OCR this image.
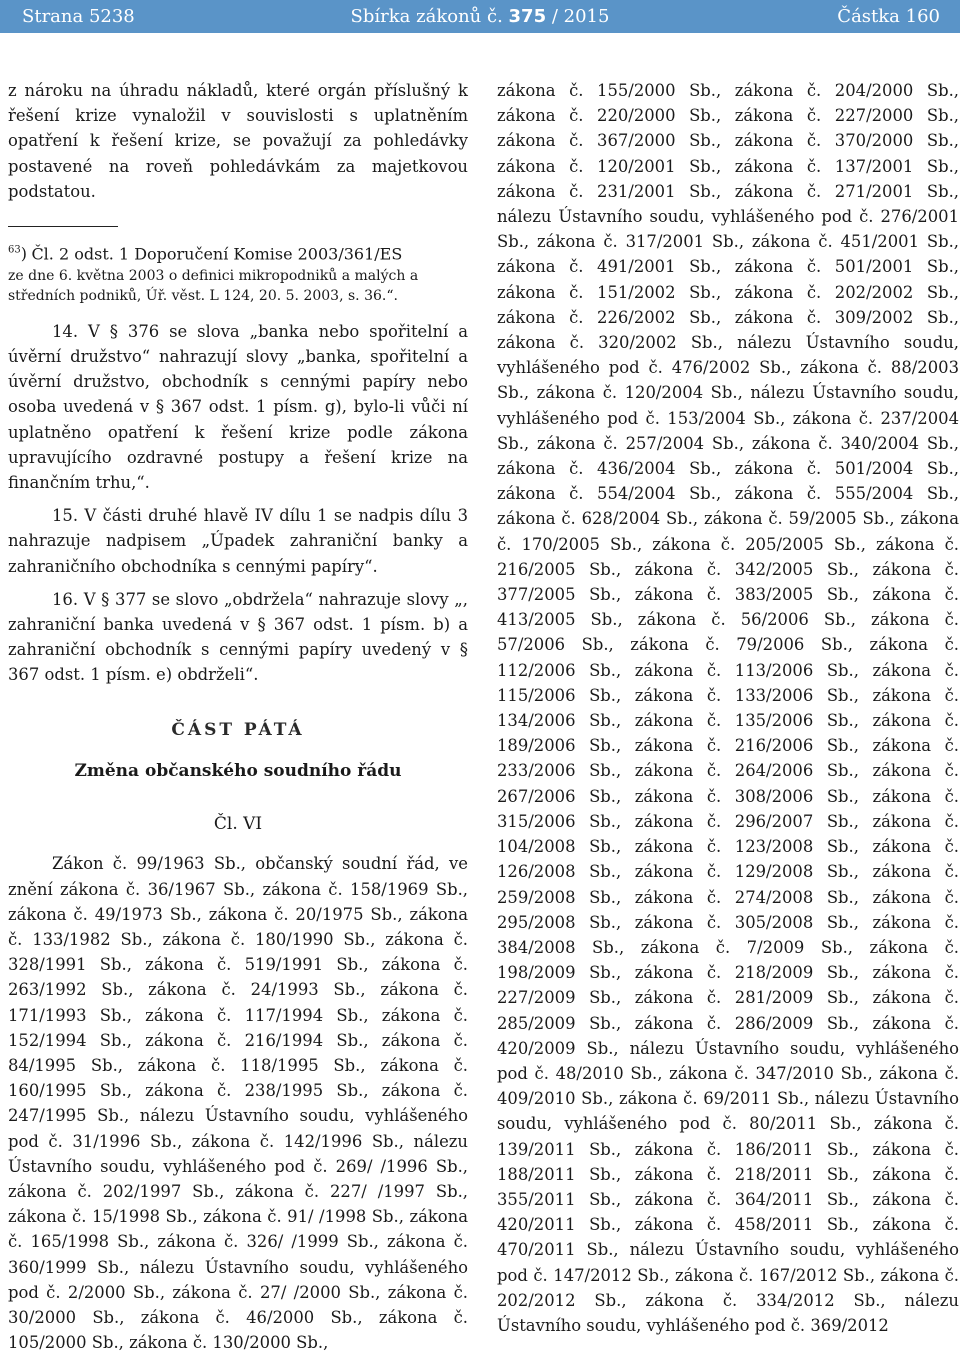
Strana 5238	Sbírka zákonů č. 375 / 2015	Částka 160

z nároku na úhradu nákladů, které orgán příslušný k řešení krize vynaložil v souvislosti s uplatněním opatření k řešení krize, se považují za pohledávky postavené na roveň pohledávkám za majetkovou podstatou.

$^{63}$) Čl. 2 odst. 1 Doporučení Komise 2003/361/ES
ze dne 6. května 2003 o definici mikropodniků a malých a středních podniků, Úř. věst. L 124, 20. 5. 2003, s. 36.“.

14. V § 376 se slova „banka nebo spořitelní a úvěrní družstvo“ nahrazují slovy „banka, spořitelní a úvěrní družstvo, obchodník s cennými papíry nebo osoba uvedená v § 367 odst. 1 písm. g), bylo-li vůči ní uplatněno opatření k řešení krize podle zákona upravujícího ozdravné postupy a řešení krize na finančním trhu,“.

15. V části druhé hlavě IV dílu 1 se nadpis dílu 3 nahrazuje nadpisem „Úpadek zahraniční banky a zahraničního obchodníka s cennými papíry“.

16. V § 377 se slovo „obdržela“ nahrazuje slovy „, zahraniční banka uvedená v § 367 odst. 1 písm. b) a zahraniční obchodník s cennými papíry uvedený v § 367 odst. 1 písm. e) obdrželi“.

ČÁST PÁTÁ

Změna občanského soudního řádu

Čl. VI

Zákon č. 99/1963 Sb., občanský soudní řád, ve znění zákona č. 36/1967 Sb., zákona č. 158/1969 Sb., zákona č. 49/1973 Sb., zákona č. 20/1975 Sb., zákona č. 133/1982 Sb., zákona č. 180/1990 Sb., zákona č. 328/1991 Sb., zákona č. 519/1991 Sb., zákona č. 263/1992 Sb., zákona č. 24/1993 Sb., zákona č. 171/1993 Sb., zákona č. 117/1994 Sb., zákona č. 152/1994 Sb., zákona č. 216/1994 Sb., zákona č. 84/1995 Sb., zákona č. 118/1995 Sb., zákona č. 160/1995 Sb., zákona č. 238/1995 Sb., zákona č. 247/1995 Sb., nálezu Ústavního soudu, vyhlášeného pod č. 31/1996 Sb., zákona č. 142/1996 Sb., nálezu Ústavního soudu, vyhlášeného pod č. 269/ /1996 Sb., zákona č. 202/1997 Sb., zákona č. 227/ /1997 Sb., zákona č. 15/1998 Sb., zákona č. 91/ /1998 Sb., zákona č. 165/1998 Sb., zákona č. 326/ /1999 Sb., zákona č. 360/1999 Sb., nálezu Ústavního soudu, vyhlášeného pod č. 2/2000 Sb., zákona č. 27/ /2000 Sb., zákona č. 30/2000 Sb., zákona č. 46/2000 Sb., zákona č. 105/2000 Sb., zákona č. 130/2000 Sb.,

zákona č. 155/2000 Sb., zákona č. 204/2000 Sb., zákona č. 220/2000 Sb., zákona č. 227/2000 Sb., zákona č. 367/2000 Sb., zákona č. 370/2000 Sb., zákona č. 120/2001 Sb., zákona č. 137/2001 Sb., zákona č. 231/2001 Sb., zákona č. 271/2001 Sb., nálezu Ústavního soudu, vyhlášeného pod č. 276/2001 Sb., zákona č. 317/2001 Sb., zákona č. 451/2001 Sb., zákona č. 491/2001 Sb., zákona č. 501/2001 Sb., zákona č. 151/2002 Sb., zákona č. 202/2002 Sb., zákona č. 226/2002 Sb., zákona č. 309/2002 Sb., zákona č. 320/2002 Sb., nálezu Ústavního soudu, vyhlášeného pod č. 476/2002 Sb., zákona č. 88/2003 Sb., zákona č. 120/2004 Sb., nálezu Ústavního soudu, vyhlášeného pod č. 153/2004 Sb., zákona č. 237/2004 Sb., zákona č. 257/2004 Sb., zákona č. 340/2004 Sb., zákona č. 436/2004 Sb., zákona č. 501/2004 Sb., zákona č. 554/2004 Sb., zákona č. 555/2004 Sb., zákona č. 628/2004 Sb., zákona č. 59/2005 Sb., zákona č. 170/2005 Sb., zákona č. 205/2005 Sb., zákona č. 216/2005 Sb., zákona č. 342/2005 Sb., zákona č. 377/2005 Sb., zákona č. 383/2005 Sb., zákona č. 413/2005 Sb., zákona č. 56/2006 Sb., zákona č. 57/2006 Sb., zákona č. 79/2006 Sb., zákona č. 112/2006 Sb., zákona č. 113/2006 Sb., zákona č. 115/2006 Sb., zákona č. 133/2006 Sb., zákona č. 134/2006 Sb., zákona č. 135/2006 Sb., zákona č. 189/2006 Sb., zákona č. 216/2006 Sb., zákona č. 233/2006 Sb., zákona č. 264/2006 Sb., zákona č. 267/2006 Sb., zákona č. 308/2006 Sb., zákona č. 315/2006 Sb., zákona č. 296/2007 Sb., zákona č. 104/2008 Sb., zákona č. 123/2008 Sb., zákona č. 126/2008 Sb., zákona č. 129/2008 Sb., zákona č. 259/2008 Sb., zákona č. 274/2008 Sb., zákona č. 295/2008 Sb., zákona č. 305/2008 Sb., zákona č. 384/2008 Sb., zákona č. 7/2009 Sb., zákona č. 198/2009 Sb., zákona č. 218/2009 Sb., zákona č. 227/2009 Sb., zákona č. 281/2009 Sb., zákona č. 285/2009 Sb., zákona č. 286/2009 Sb., zákona č. 420/2009 Sb., nálezu Ústavního soudu, vyhlášeného pod č. 48/2010 Sb., zákona č. 347/2010 Sb., zákona č. 409/2010 Sb., zákona č. 69/2011 Sb., nálezu Ústavního soudu, vyhlášeného pod č. 80/2011 Sb., zákona č. 139/2011 Sb., zákona č. 186/2011 Sb., zákona č. 188/2011 Sb., zákona č. 218/2011 Sb., zákona č. 355/2011 Sb., zákona č. 364/2011 Sb., zákona č. 420/2011 Sb., zákona č. 458/2011 Sb., zákona č. 470/2011 Sb., nálezu Ústavního soudu, vyhlášeného pod č. 147/2012 Sb., zákona č. 167/2012 Sb., zákona č. 202/2012 Sb., zákona č. 334/2012 Sb., nálezu Ústavního soudu, vyhlášeného pod č. 369/2012
